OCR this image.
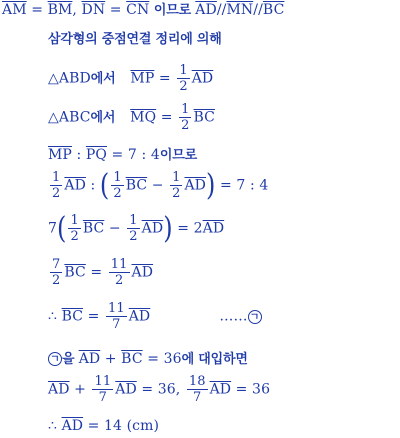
$\overline{AM} = \overline{BM}$, $\overline{DN} = \overline{CN}$ 이므로 $\overline{AD}//\overline{MN}//\overline{BC}$
삼각형의 중점연결 정리에 의해
△ABD에서  $\overline{MP} = \frac{1}{2} \overline{AD}$
△ABC에서  $\overline{MQ} = \frac{1}{2} \overline{BC}$
$\overline{MP}$ : $\overline{PQ} = 7$ : 4이므로
$\frac{1}{2} \overline{AD}$ : ( $\frac{1}{2} \overline{BC} - \frac{1}{2} \overline{AD}) = 7$ : 4
$7( \frac{1}{2} \overline{BC} - \frac{1}{2} \overline{AD}) = 2\overline{AD}$
$\frac{7}{2} \overline{BC} = \frac{11}{2} \overline{AD}$
∴ $\overline{BC} = \frac{11}{7} \overline{AD}$	…… ㄱ
ㄱ 을 $\overline{AD} + \overline{BC} = 36$에 대입하면
$\overline{AD} + \frac{11}{7} \overline{AD} = 36$, $\frac{18}{7} \overline{AD} = 36$
∴ $\overline{AD} = 14$ (cm)
